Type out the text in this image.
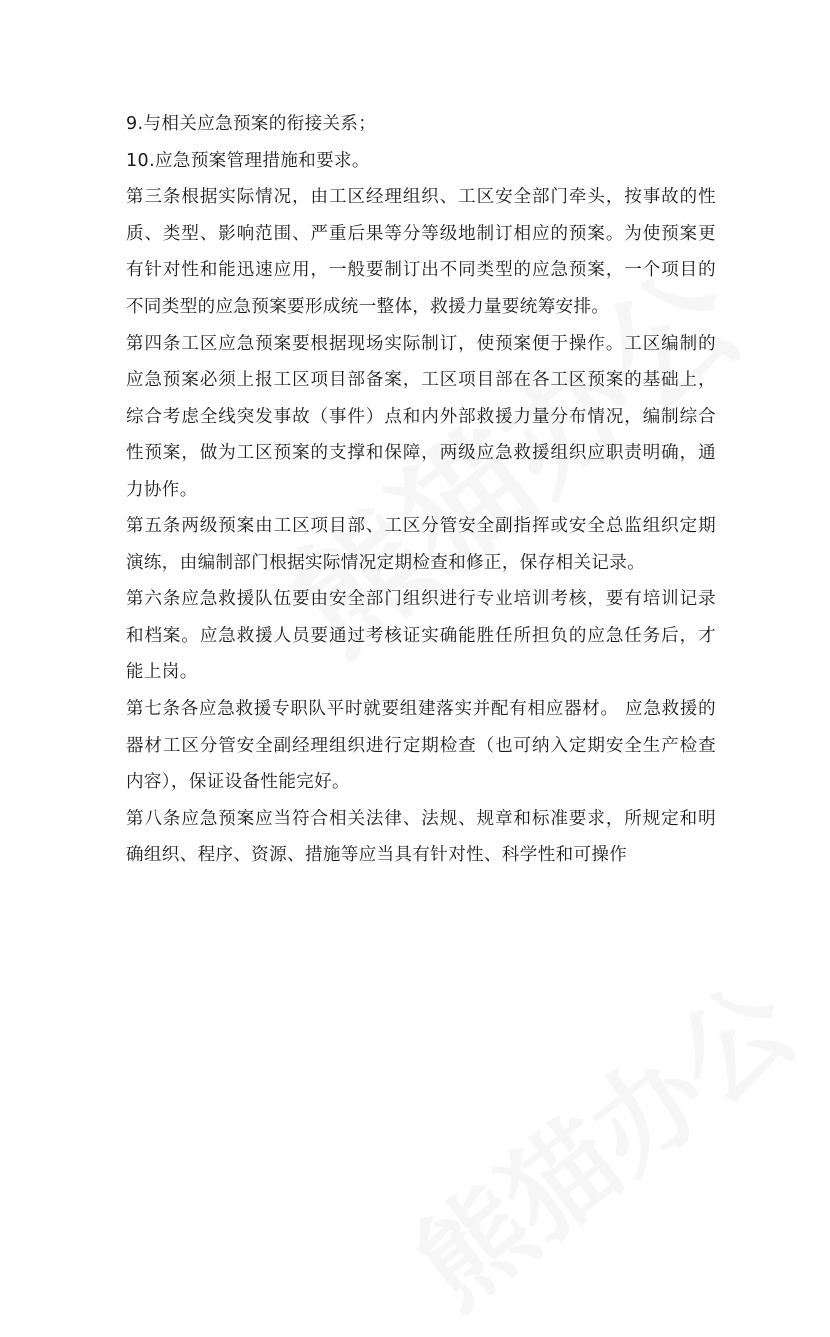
9.与相关应急预案的衔接关系；

10.应急预案管理措施和要求。

第三条根据实际情况，由工区经理组织、工区安全部门牵头，按事故的性质、类型、影响范围、严重后果等分等级地制订相应的预案。为使预案更有针对性和能迅速应用，一般要制订出不同类型的应急预案，一个项目的不同类型的应急预案要形成统一整体，救援力量要统筹安排。

第四条工区应急预案要根据现场实际制订，使预案便于操作。工区编制的应急预案必须上报工区项目部备案，工区项目部在各工区预案的基础上，综合考虑全线突发事故（事件）点和内外部救援力量分布情况，编制综合性预案，做为工区预案的支撑和保障，两级应急救援组织应职责明确，通力协作。

第五条两级预案由工区项目部、工区分管安全副指挥或安全总监组织定期演练，由编制部门根据实际情况定期检查和修正，保存相关记录。

第六条应急救援队伍要由安全部门组织进行专业培训考核，要有培训记录和档案。应急救援人员要通过考核证实确能胜任所担负的应急任务后，才能上岗。

第七条各应急救援专职队平时就要组建落实并配有相应器材。 应急救援的器材工区分管安全副经理组织进行定期检查（也可纳入定期安全生产检查内容），保证设备性能完好。

第八条应急预案应当符合相关法律、法规、规章和标准要求，所规定和明确组织、程序、资源、措施等应当具有针对性、科学性和可操作
